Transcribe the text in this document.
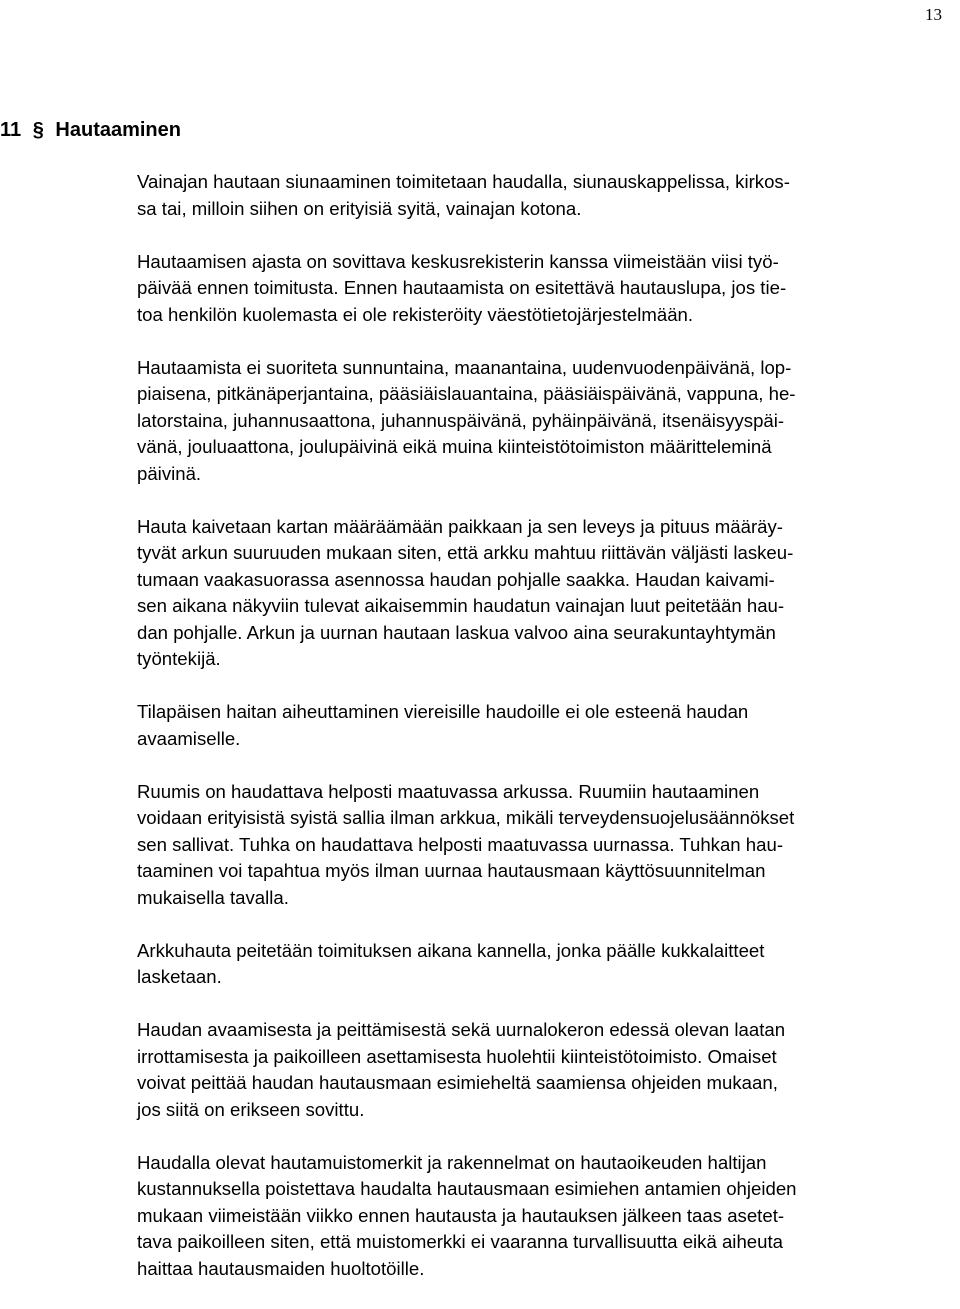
13
11 § Hautaaminen

Vainajan hautaan siunaaminen toimitetaan haudalla, siunauskappelissa, kirkos-
sa tai, milloin siihen on erityisiä syitä, vainajan kotona.

Hautaamisen ajasta on sovittava keskusrekisterin kanssa viimeistään viisi työ-
päivää ennen toimitusta. Ennen hautaamista on esitettävä hautauslupa, jos tie-
toa henkilön kuolemasta ei ole rekisteröity väestötietojärjestelmään.

Hautaamista ei suoriteta sunnuntaina, maanantaina, uudenvuodenpäivänä, lop-
piaisena, pitkänäperjantaina, pääsiäislauantaina, pääsiäispäivänä, vappuna, he-
latorstaina, juhannusaattona, juhannuspäivänä, pyhäinpäivänä, itsenäisyyspäi-
vänä, jouluaattona, joulupäivinä eikä muina kiinteistötoimiston määritteleminä
päivinä.

Hauta kaivetaan kartan määräämään paikkaan ja sen leveys ja pituus määräy-
tyvät arkun suuruuden mukaan siten, että arkku mahtuu riittävän väljästi laskeu-
tumaan vaakasuorassa asennossa haudan pohjalle saakka. Haudan kaivami-
sen aikana näkyviin tulevat aikaisemmin haudatun vainajan luut peitetään hau-
dan pohjalle. Arkun ja uurnan hautaan laskua valvoo aina seurakuntayhtymän
työntekijä.

Tilapäisen haitan aiheuttaminen viereisille haudoille ei ole esteenä haudan
avaamiselle.

Ruumis on haudattava helposti maatuvassa arkussa. Ruumiin hautaaminen
voidaan erityisistä syistä sallia ilman arkkua, mikäli terveydensuojelusäännökset
sen sallivat. Tuhka on haudattava helposti maatuvassa uurnassa. Tuhkan hau-
taaminen voi tapahtua myös ilman uurnaa hautausmaan käyttösuunnitelman
mukaisella tavalla.

Arkkuhauta peitetään toimituksen aikana kannella, jonka päälle kukkalaitteet
lasketaan.

Haudan avaamisesta ja peittämisestä sekä uurnalokeron edessä olevan laatan
irrottamisesta ja paikoilleen asettamisesta huolehtii kiinteistötoimisto. Omaiset
voivat peittää haudan hautausmaan esimieheltä saamiensa ohjeiden mukaan,
jos siitä on erikseen sovittu.

Haudalla olevat hautamuistomerkit ja rakennelmat on hautaoikeuden haltijan
kustannuksella poistettava haudalta hautausmaan esimiehen antamien ohjeiden
mukaan viimeistään viikko ennen hautausta ja hautauksen jälkeen taas asetet-
tava paikoilleen siten, että muistomerkki ei vaaranna turvallisuutta eikä aiheuta
haittaa hautausmaiden huoltotöille.
